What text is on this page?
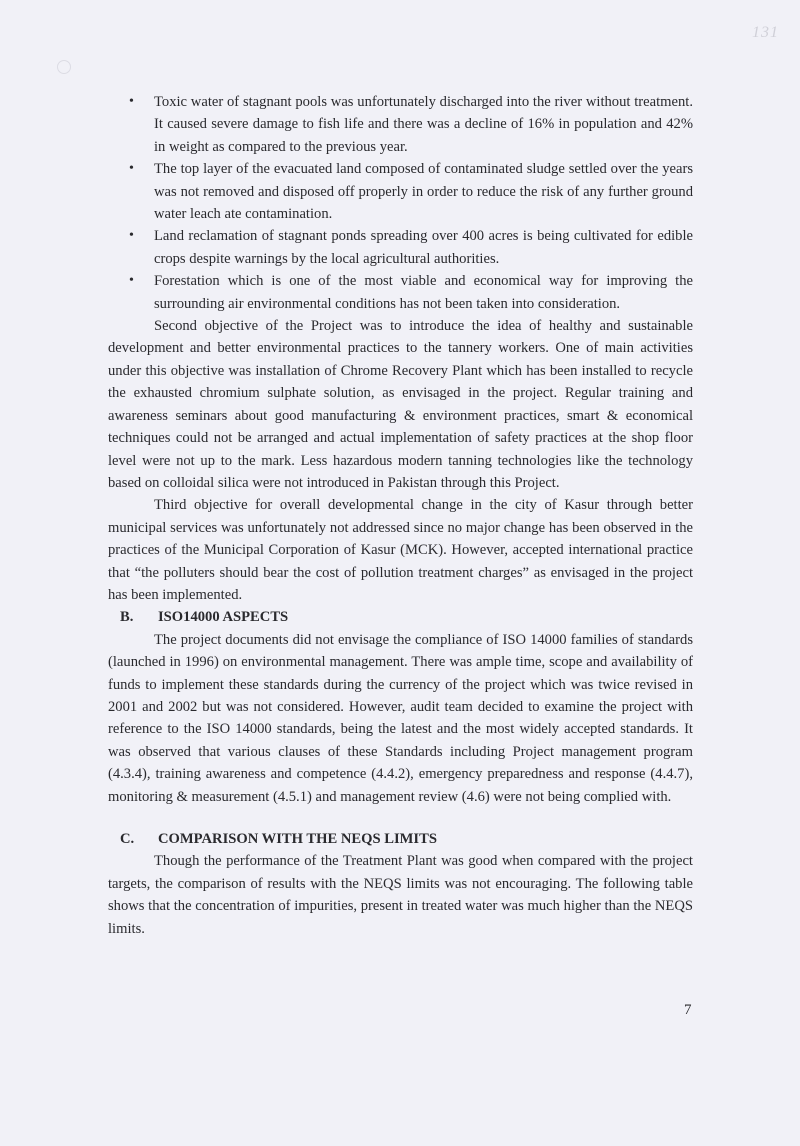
131
• Toxic water of stagnant pools was unfortunately discharged into the river without treatment. It caused severe damage to fish life and there was a decline of 16% in population and 42% in weight as compared to the previous year.
• The top layer of the evacuated land composed of contaminated sludge settled over the years was not removed and disposed off properly in order to reduce the risk of any further ground water leach ate contamination.
• Land reclamation of stagnant ponds spreading over 400 acres is being cultivated for edible crops despite warnings by the local agricultural authorities.
• Forestation which is one of the most viable and economical way for improving the surrounding air environmental conditions has not been taken into consideration.

Second objective of the Project was to introduce the idea of healthy and sustainable development and better environmental practices to the tannery workers. One of main activities under this objective was installation of Chrome Recovery Plant which has been installed to recycle the exhausted chromium sulphate solution, as envisaged in the project. Regular training and awareness seminars about good manufacturing & environment practices, smart & economical techniques could not be arranged and actual implementation of safety practices at the shop floor level were not up to the mark. Less hazardous modern tanning technologies like the technology based on colloidal silica were not introduced in Pakistan through this Project.

Third objective for overall developmental change in the city of Kasur through better municipal services was unfortunately not addressed since no major change has been observed in the practices of the Municipal Corporation of Kasur (MCK). However, accepted international practice that “the polluters should bear the cost of pollution treatment charges” as envisaged in the project has been implemented.

B.	ISO14000 ASPECTS

The project documents did not envisage the compliance of ISO 14000 families of standards (launched in 1996) on environmental management. There was ample time, scope and availability of funds to implement these standards during the currency of the project which was twice revised in 2001 and 2002 but was not considered. However, audit team decided to examine the project with reference to the ISO 14000 standards, being the latest and the most widely accepted standards. It was observed that various clauses of these Standards including Project management program (4.3.4), training awareness and competence (4.4.2), emergency preparedness and response (4.4.7), monitoring & measurement (4.5.1) and management review (4.6) were not being complied with.

C.	COMPARISON WITH THE NEQS LIMITS

Though the performance of the Treatment Plant was good when compared with the project targets, the comparison of results with the NEQS limits was not encouraging. The following table shows that the concentration of impurities, present in treated water was much higher than the NEQS limits.

7
